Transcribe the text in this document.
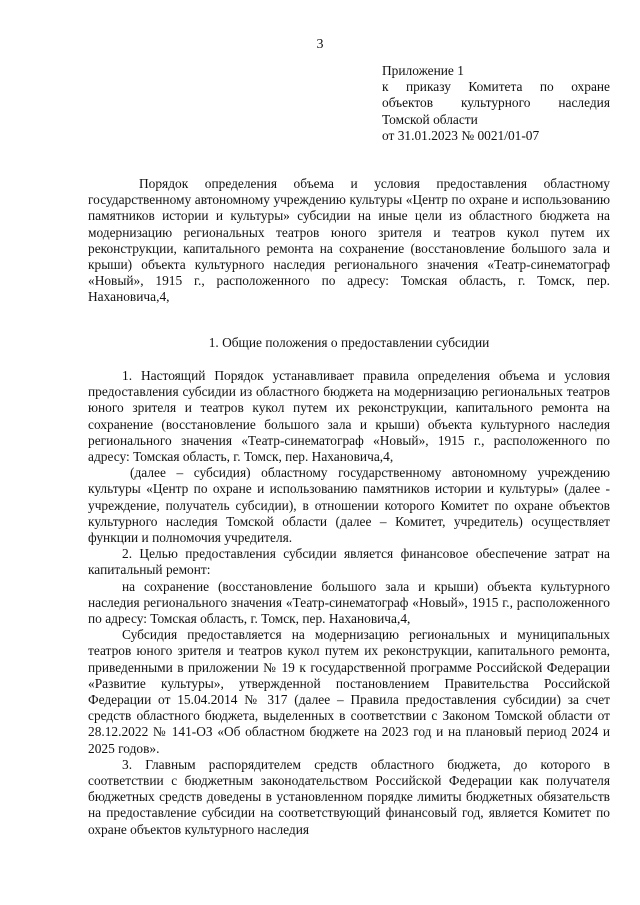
3
Приложение 1
к приказу Комитета по охране
объектов культурного наследия
Томской области
от 31.01.2023 № 0021/01-07

Порядок определения объема и условия предоставления областному государственному автономному учреждению культуры «Центр по охране и использованию памятников истории и культуры» субсидии на иные цели из областного бюджета на модернизацию региональных театров юного зрителя и театров кукол путем их реконструкции, капитального ремонта на сохранение (восстановление большого зала и крыши) объекта культурного наследия регионального значения «Театр-синематограф «Новый», 1915 г., расположенного по адресу: Томская область, г. Томск, пер. Нахановича,4,

1. Общие положения о предоставлении субсидии

1. Настоящий Порядок устанавливает правила определения объема и условия предоставления субсидии из областного бюджета на модернизацию региональных театров юного зрителя и театров кукол путем их реконструкции, капитального ремонта на сохранение (восстановление большого зала и крыши) объекта культурного наследия регионального значения «Театр-синематограф «Новый», 1915 г., расположенного по адресу: Томская область, г. Томск, пер. Нахановича,4,

(далее – субсидия) областному государственному автономному учреждению культуры «Центр по охране и использованию памятников истории и культуры» (далее - учреждение, получатель субсидии), в отношении которого Комитет по охране объектов культурного наследия Томской области (далее – Комитет, учредитель) осуществляет функции и полномочия учредителя.

2. Целью предоставления субсидии является финансовое обеспечение затрат на капитальный ремонт:

на сохранение (восстановление большого зала и крыши) объекта культурного наследия регионального значения «Театр-синематограф «Новый», 1915 г., расположенного по адресу: Томская область, г. Томск, пер. Нахановича,4,

Субсидия предоставляется на модернизацию региональных и муниципальных театров юного зрителя и театров кукол путем их реконструкции, капитального ремонта, приведенными в приложении № 19 к государственной программе Российской Федерации «Развитие культуры», утвержденной постановлением Правительства Российской Федерации от 15.04.2014 № 317 (далее – Правила предоставления субсидии) за счет средств областного бюджета, выделенных в соответствии с Законом Томской области от 28.12.2022 № 141-ОЗ «Об областном бюджете на 2023 год и на плановый период 2024 и 2025 годов».

3. Главным распорядителем средств областного бюджета, до которого в соответствии с бюджетным законодательством Российской Федерации как получателя бюджетных средств доведены в установленном порядке лимиты бюджетных обязательств на предоставление субсидии на соответствующий финансовый год, является Комитет по охране объектов культурного наследия
